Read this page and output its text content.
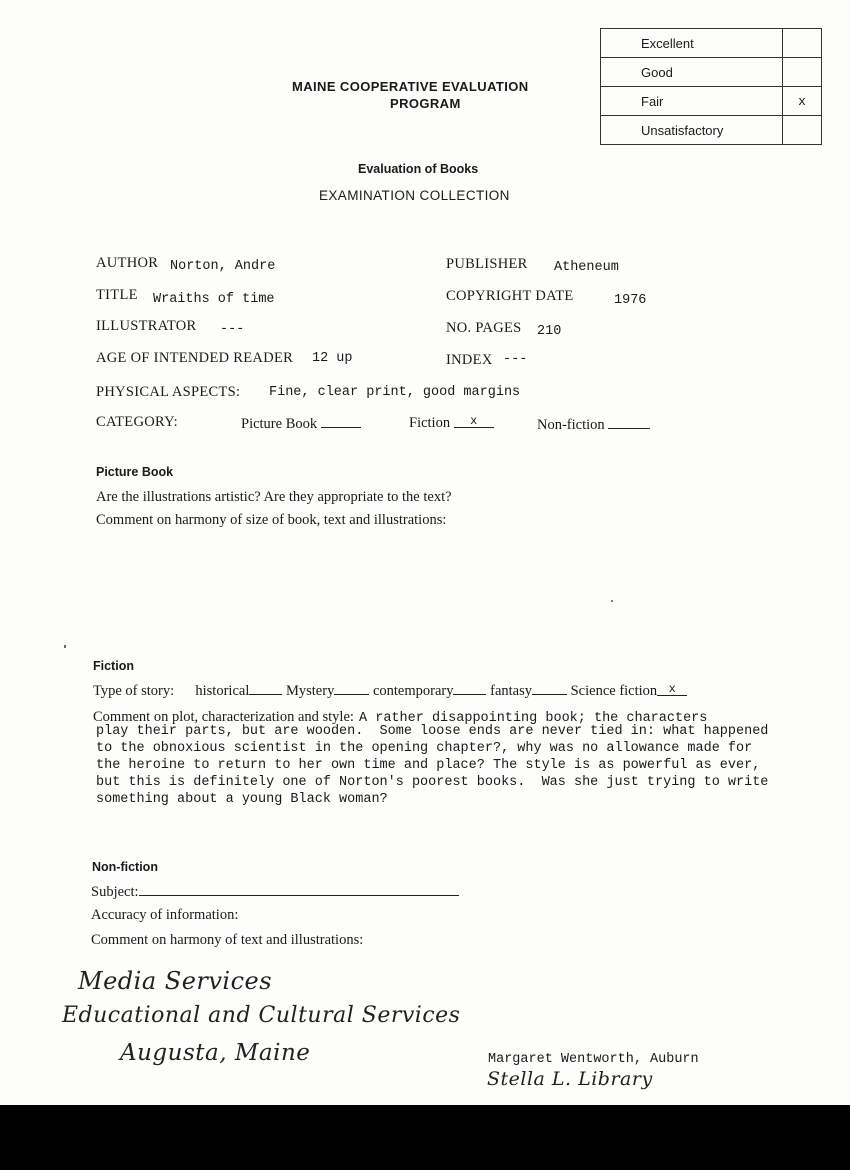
Excellent	
Good	
Fair	x
Unsatisfactory	
MAINE COOPERATIVE EVALUATION
PROGRAM
Evaluation of Books
EXAMINATION COLLECTION
AUTHOR Norton, Andre	PUBLISHER Atheneum
TITLE Wraiths of time	COPYRIGHT DATE	1976
ILLUSTRATOR ---	NO. PAGES 210
AGE OF INTENDED READER 12 up	INDEX ---
PHYSICAL ASPECTS: Fine, clear print, good margins
CATEGORY:	Picture Book	Fiction $^x$	Non-fiction
Picture Book
Are the illustrations artistic? Are they appropriate to the text?
Comment on harmony of size of book, text and illustrations:
Fiction
Type of story: historical	Mystery	contemporary	fantasy	Science fiction $^x$
Comment on plot, characterization and style: A rather disappointing book; the characters
play their parts, but are wooden.  Some loose ends are never tied in: what happened
to the obnoxious scientist in the opening chapter?, why was no allowance made for
the heroine to return to her own time and place? The style is as powerful as ever,
but this is definitely one of Norton's poorest books.  Was she just trying to write
something about a young Black woman?
Non-fiction
Subject:
Accuracy of information:
Comment on harmony of text and illustrations:
Media Services
Educational and Cultural Services
Augusta, Maine	Margaret Wentworth, Auburn
Stella L. Library
